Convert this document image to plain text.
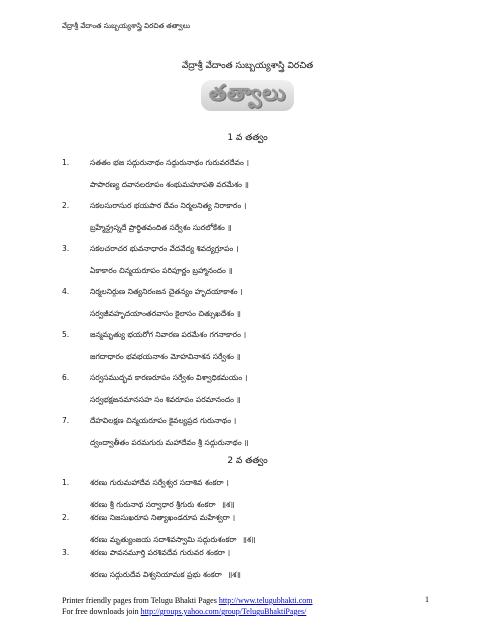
వేద్రాశ్రీ వేదాంత సుబ్బయ్యశాస్త్రి విరచిత తత్వాలు
వేద్రాశ్రీ వేదాంత సుబ్బయ్యశాస్త్రి విరచిత
తత్వాలు
1 వ తత్వం
1.	సతతం భజ సద్గురునాథం సద్గురునాథం గురువరదేవం ।
పాపారణ్య దవానలరూపం శంభుమహూపతి వరమేశం ॥
2.	సకలసురాసుర భయపార దేవం నిర్మలనిత్య నిరాకారం ।
బ్రహ్మేన్ద్రస్నదే ప్రార్థితవందిత సర్వేశం సురలోకేశం ॥
3.	సకలచరాచర భువనాధారం వేదవేద్య శివద్యగ్రూపం ।
ఏకాకారం చిన్మయరూపం పరిపూర్ణం బ్రహ్మానందం ॥
4.	నిర్మలనిర్గుణ నిత్యనిరంజన చైతన్యం హృదయాకాశం ।
సర్వజీవహృదయాంతరవాసం కైలాసం చిత్సుఖదేశం ॥
5.	జన్మమృత్యు భయరోగ నివారణ పరమేశం గగనాకారం ।
జగదాధారం భవభయనాశం మోహవినాశన సర్వేశం ॥
6.	సర్వసముద్భవ కారణరూపం సర్వేశం విశ్వాధికమయం ।
సర్వభక్షజనమానసహ సం శివరూపం పరమానందం ॥
7.	దేహవిలక్షణ చిన్మయరూపం కైవల్యప్రద గురునాథం ।
ద్వంద్వాతీతం పరమగురు మహాదేవం శ్రీ సద్గురునాథం ॥
2 వ తత్వం
1.	శరణు గురుమహాదేవ సర్వేశ్వర సదాశివ శంకరా ।
శరణు శ్రీ గురునాథ సర్వాధార శ్రీగురు శంకరా ॥శ॥
2.	శరణు నిజసుఖరూప నిత్యాఖండరూప మహేశ్వరా ।
శరణు మృత్యుంజయ సదాశివస్వామి సద్గురుశంకరా ॥శ॥
3.	శరణు పావనమూర్తి పరశివదేవ గురువర శంకరా ।
శరణు సద్గురుదేవ విశ్వనియామక ప్రభు శంకరా ॥శ॥
Printer friendly pages from Telugu Bhakti Pages http://www.telugubhakti.com
For free downloads join http://groups.yahoo.com/group/TeluguBhaktiPages/
1
